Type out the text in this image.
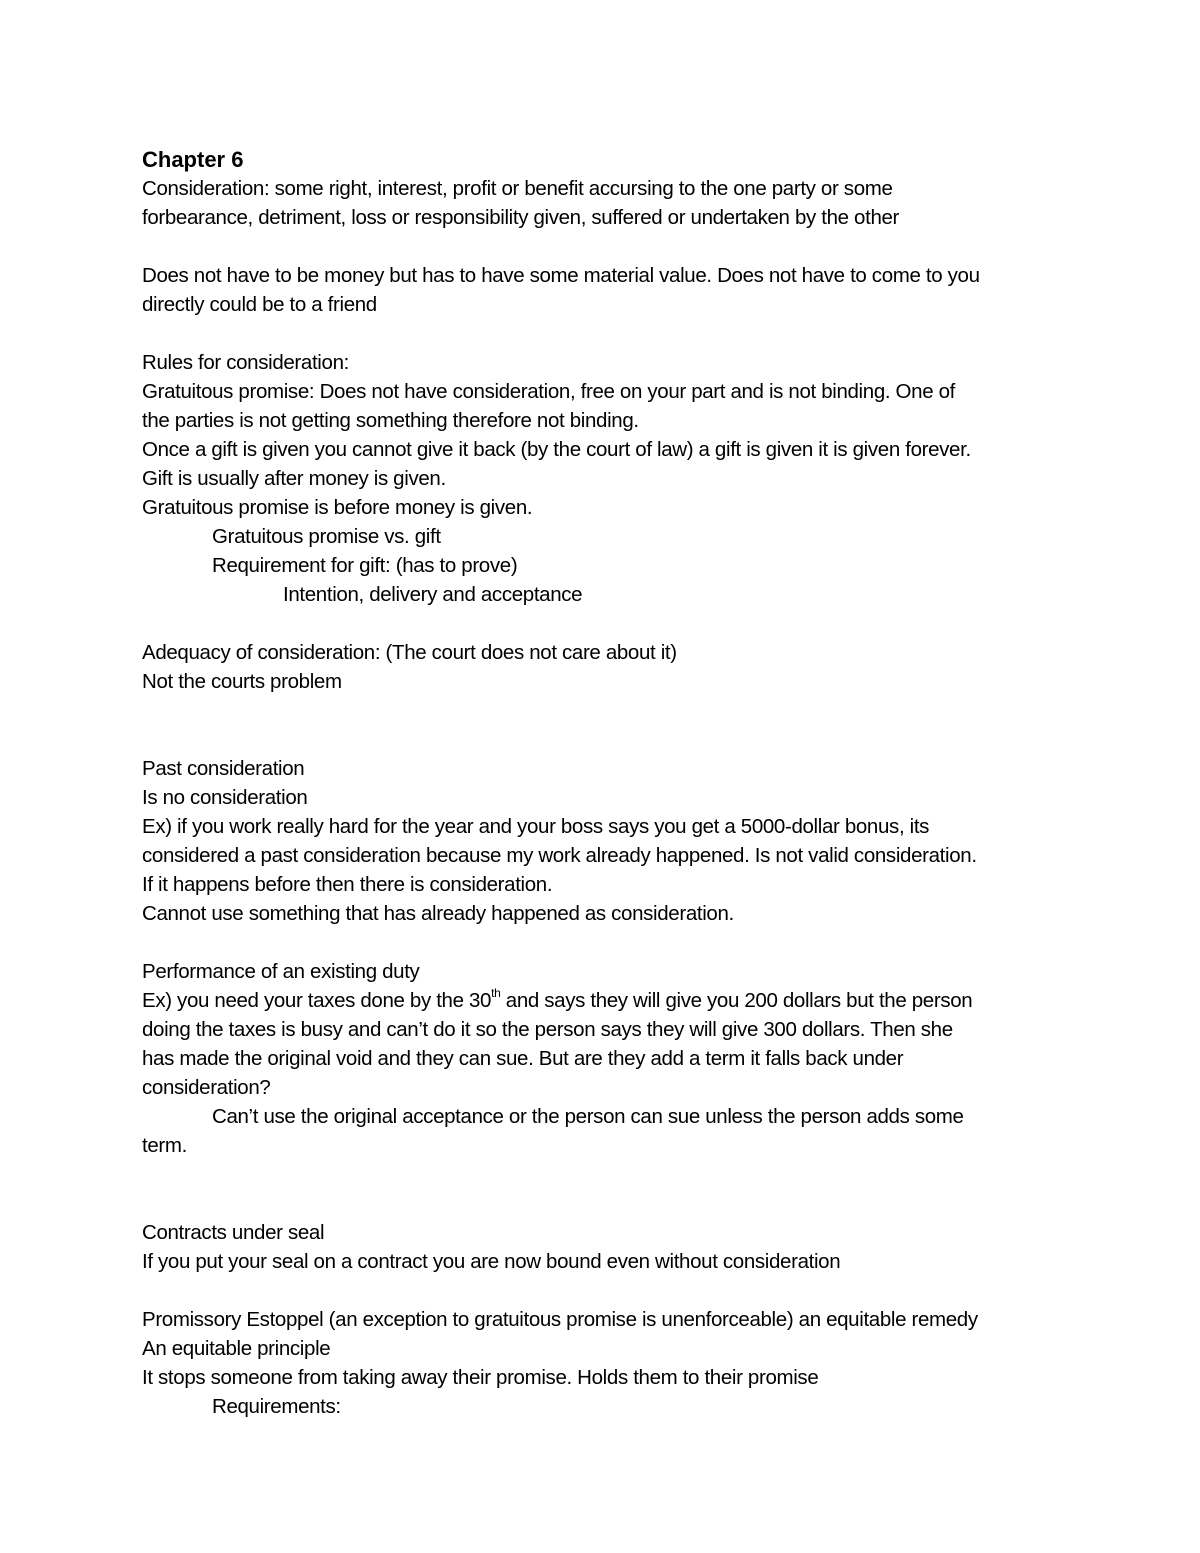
Chapter 6
Consideration: some right, interest, profit or benefit accursing to the one party or some
forbearance, detriment, loss or responsibility given, suffered or undertaken by the other
Does not have to be money but has to have some material value. Does not have to come to you
directly could be to a friend
Rules for consideration:
Gratuitous promise: Does not have consideration, free on your part and is not binding. One of
the parties is not getting something therefore not binding.
Once a gift is given you cannot give it back (by the court of law) a gift is given it is given forever.
Gift is usually after money is given.
Gratuitous promise is before money is given.
Gratuitous promise vs. gift
Requirement for gift: (has to prove)
Intention, delivery and acceptance
Adequacy of consideration: (The court does not care about it)
Not the courts problem
Past consideration
Is no consideration
Ex) if you work really hard for the year and your boss says you get a 5000-dollar bonus, its
considered a past consideration because my work already happened. Is not valid consideration.
If it happens before then there is consideration.
Cannot use something that has already happened as consideration.
Performance of an existing duty
Ex) you need your taxes done by the 30th and says they will give you 200 dollars but the person
doing the taxes is busy and can’t do it so the person says they will give 300 dollars. Then she
has made the original void and they can sue. But are they add a term it falls back under
consideration?
Can’t use the original acceptance or the person can sue unless the person adds some
term.
Contracts under seal
If you put your seal on a contract you are now bound even without consideration
Promissory Estoppel (an exception to gratuitous promise is unenforceable) an equitable remedy
An equitable principle
It stops someone from taking away their promise. Holds them to their promise
Requirements:
